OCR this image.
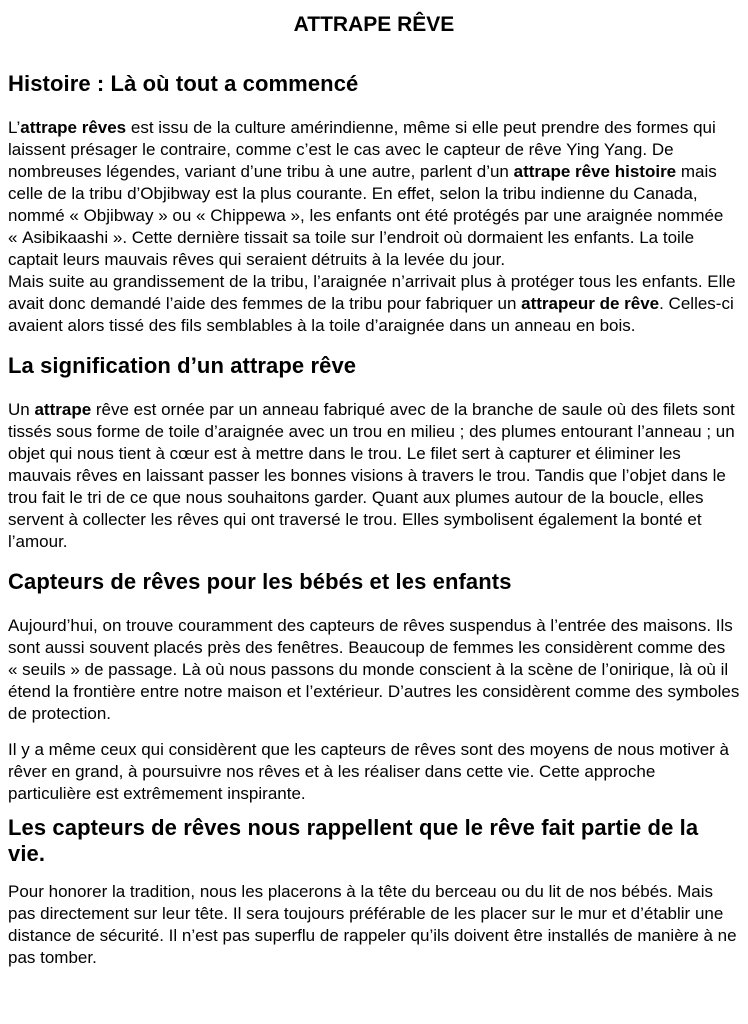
ATTRAPE RÊVE
Histoire : Là où tout a commencé

L’attrape rêves est issu de la culture amérindienne, même si elle peut prendre des formes qui laissent présager le contraire, comme c’est le cas avec le capteur de rêve Ying Yang. De nombreuses légendes, variant d’une tribu à une autre, parlent d’un attrape rêve histoire mais celle de la tribu d’Objibway est la plus courante. En effet, selon la tribu indienne du Canada, nommé « Objibway » ou « Chippewa », les enfants ont été protégés par une araignée nommée « Asibikaashi ». Cette dernière tissait sa toile sur l’endroit où dormaient les enfants. La toile captait leurs mauvais rêves qui seraient détruits à la levée du jour.
Mais suite au grandissement de la tribu, l’araignée n’arrivait plus à protéger tous les enfants. Elle avait donc demandé l’aide des femmes de la tribu pour fabriquer un attrapeur de rêve. Celles-ci avaient alors tissé des fils semblables à la toile d’araignée dans un anneau en bois.

La signification d’un attrape rêve

Un attrape rêve est ornée par un anneau fabriqué avec de la branche de saule où des filets sont tissés sous forme de toile d’araignée avec un trou en milieu ; des plumes entourant l’anneau ; un objet qui nous tient à cœur est à mettre dans le trou. Le filet sert à capturer et éliminer les mauvais rêves en laissant passer les bonnes visions à travers le trou. Tandis que l’objet dans le trou fait le tri de ce que nous souhaitons garder. Quant aux plumes autour de la boucle, elles servent à collecter les rêves qui ont traversé le trou. Elles symbolisent également la bonté et l’amour.

Capteurs de rêves pour les bébés et les enfants

Aujourd’hui, on trouve couramment des capteurs de rêves suspendus à l’entrée des maisons. Ils sont aussi souvent placés près des fenêtres. Beaucoup de femmes les considèrent comme des « seuils » de passage. Là où nous passons du monde conscient à la scène de l’onirique, là où il étend la frontière entre notre maison et l’extérieur. D’autres les considèrent comme des symboles de protection.

Il y a même ceux qui considèrent que les capteurs de rêves sont des moyens de nous motiver à rêver en grand, à poursuivre nos rêves et à les réaliser dans cette vie. Cette approche particulière est extrêmement inspirante.

Les capteurs de rêves nous rappellent que le rêve fait partie de la vie.

Pour honorer la tradition, nous les placerons à la tête du berceau ou du lit de nos bébés. Mais pas directement sur leur tête. Il sera toujours préférable de les placer sur le mur et d’établir une distance de sécurité. Il n’est pas superflu de rappeler qu’ils doivent être installés de manière à ne pas tomber.
